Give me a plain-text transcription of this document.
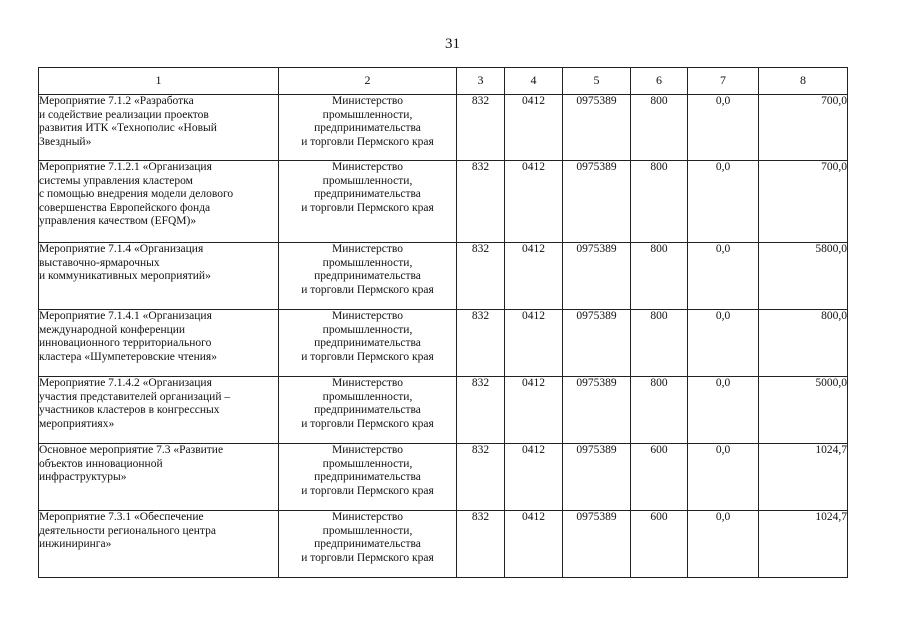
31
1	2	3	4	5	6	7	8

Мероприятие 7.1.2 «Разработка
и содействие реализации проектов
развития ИТК «Технополис «Новый
Звездный»	Министерство
промышленности,
предпринимательства
и торговли Пермского края	832	0412	0975389	800	0,0	700,0

Мероприятие 7.1.2.1 «Организация
системы управления кластером
с помощью внедрения модели делового
совершенства Европейского фонда
управления качеством (EFQM)»	Министерство
промышленности,
предпринимательства
и торговли Пермского края	832	0412	0975389	800	0,0	700,0

Мероприятие 7.1.4 «Организация
выставочно-ярмарочных
и коммуникативных мероприятий»	Министерство
промышленности,
предпринимательства
и торговли Пермского края	832	0412	0975389	800	0,0	5800,0

Мероприятие 7.1.4.1 «Организация
международной конференции
инновационного территориального
кластера «Шумпетеровские чтения»	Министерство
промышленности,
предпринимательства
и торговли Пермского края	832	0412	0975389	800	0,0	800,0

Мероприятие 7.1.4.2 «Организация
участия представителей организаций –
участников кластеров в конгрессных
мероприятиях»	Министерство
промышленности,
предпринимательства
и торговли Пермского края	832	0412	0975389	800	0,0	5000,0

Основное мероприятие 7.3 «Развитие
объектов инновационной
инфраструктуры»	Министерство
промышленности,
предпринимательства
и торговли Пермского края	832	0412	0975389	600	0,0	1024,7

Мероприятие 7.3.1 «Обеспечение
деятельности регионального центра
инжиниринга»	Министерство
промышленности,
предпринимательства
и торговли Пермского края	832	0412	0975389	600	0,0	1024,7
